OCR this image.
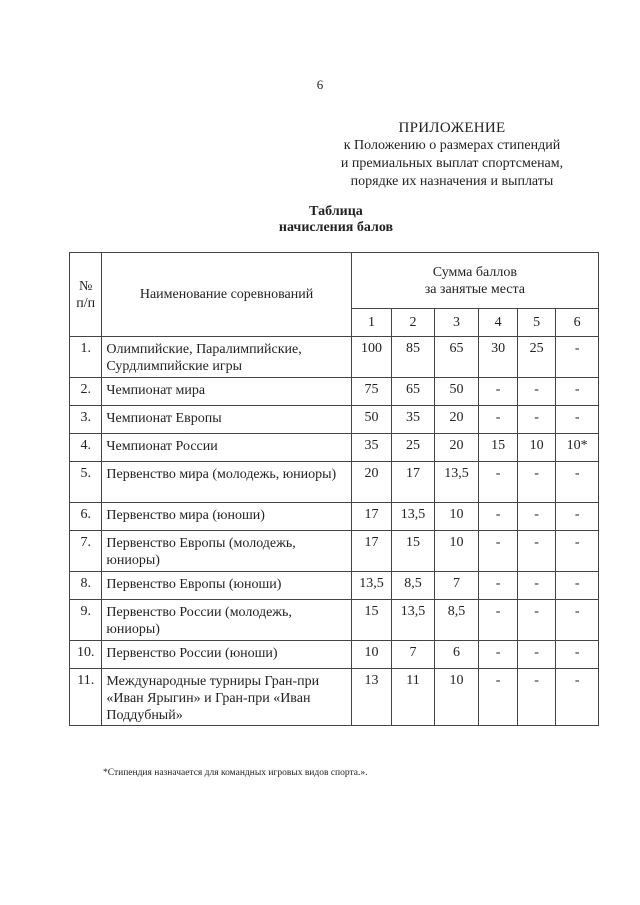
6
ПРИЛОЖЕНИЕ
к Положению о размерах стипендий
и премиальных выплат спортсменам,
порядке их назначения и выплаты
Таблица
начисления балов
№ п/п	Наименование соревнований	Сумма баллов
за занятые места					

		1	2	3	4	5	6
1.	Олимпийские, Паралимпийские, Сурдлимпийские игры	100	85	65	30	25	-
2.	Чемпионат мира	75	65	50	-	-	-
3.	Чемпионат Европы	50	35	20	-	-	-
4.	Чемпионат России	35	25	20	15	10	10*
5.	Первенство мира (молодежь, юниоры)	20	17	13,5	-	-	-
6.	Первенство мира (юноши)	17	13,5	10	-	-	-
7.	Первенство Европы (молодежь, юниоры)	17	15	10	-	-	-
8.	Первенство Европы (юноши)	13,5	8,5	7	-	-	-
9.	Первенство России (молодежь, юниоры)	15	13,5	8,5	-	-	-
10.	Первенство России (юноши)	10	7	6	-	-	-
11.	Международные турниры Гран-при «Иван Ярыгин» и Гран-при «Иван Поддубный»	13	11	10	-	-	-
*Стипендия назначается для командных игровых видов спорта.».
